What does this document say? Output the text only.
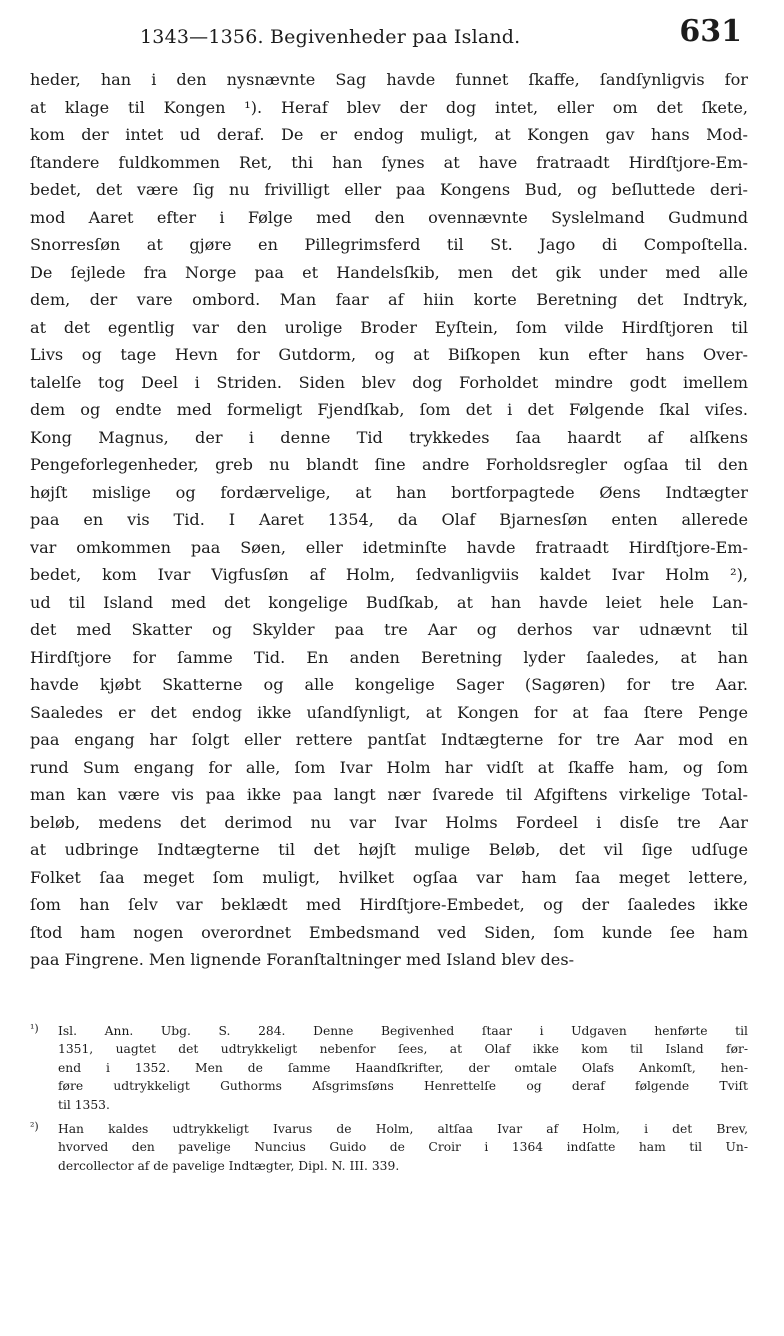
1343—1356. Begivenheder paa Island.	631
heder, han i den nysnævnte Sag havde funnet ſkaffe, ſandſynligvis for
at klage til Kongen ¹). Heraf blev der dog intet, eller om det ſkete,
kom der intet ud deraf. De er endog muligt, at Kongen gav hans Mod-
ſtandere fuldkommen Ret, thi han ſynes at have fratraadt Hirdſtjore-Em-
bedet, det være ſig nu frivilligt eller paa Kongens Bud, og beſluttede deri-
mod Aaret efter i Følge med den ovennævnte Syslelmand Gudmund
Snorresſøn at gjøre en Pillegrimsferd til St. Jago di Compoſtella.
De ſejlede fra Norge paa et Handelsſkib, men det gik under med alle
dem, der vare ombord. Man faar af hiin korte Beretning det Indtryk,
at det egentlig var den urolige Broder Eyſtein, ſom vilde Hirdſtjoren til
Livs og tage Hevn for Gutdorm, og at Biſkopen kun efter hans Over-
talelſe tog Deel i Striden. Siden blev dog Forholdet mindre godt imellem
dem og endte med formeligt Fjendſkab, ſom det i det Følgende ſkal viſes.
Kong Magnus, der i denne Tid trykkedes ſaa haardt af alſkens
Pengeforlegenheder, greb nu blandt ſine andre Forholdsregler ogſaa til den
højſt misligе og fordærvelige, at han bortforpagtede Øens Indtægter
paa en vis Tid. I Aaret 1354, da Olaf Bjarnesſøn enten allerede
var omkommen paa Søen, eller idetminſte havde fratraadt Hirdſtjore-Em-
bedet, kom Ivar Vigfusſøn af Holm, ſedvanligviis kaldet Ivar Holm ²),
ud til Island med det kongelige Budſkab, at han havde leiet hele Lan-
det med Skatter og Skylder paa tre Aar og derhos var udnævnt til
Hirdſtjore for ſamme Tid. En anden Beretning lyder ſaaledes, at han
havde kjøbt Skatterne og alle kongelige Sager (Sagøren) for tre Aar.
Saaledes er det endog ikke uſandſynligt, at Kongen for at faa ſtere Penge
paa engang har ſolgt eller rettere pantſat Indtægterne for tre Aar mod en
rund Sum engang for alle, ſom Ivar Holm har vidſt at ſkaffe ham, og ſom
man kan være vis paa ikke paa langt nær ſvarede til Afgiftens virkelige Total-
beløb, medens det derimod nu var Ivar Holms Fordeel i disſe tre Aar
at udbringe Indtægterne til det højſt mulige Beløb, det vil ſige udſuge
Folket ſaa meget ſom muligt, hvilket ogſaa var ham ſaa meget lettere,
ſom han ſelv var beklædt med Hirdſtjore-Embedet, og der ſaaledes ikke
ſtod ham nogen overordnet Embedsmand ved Siden, ſom kunde ſee ham
paa Fingrene. Men lignende Foranſtaltninger med Island blev des-
¹)	Isl. Ann. Ubg. S. 284. Denne Begivenhed ſtaar i Udgaven henførte til
1351, uagtet det udtrykkeligt nebenfor ſees, at Olaf ikke kom til Island før-
end i 1352. Men de ſamme Haandſkrifter, der omtale Olafs Ankomſt, hen-
føre udtrykkeligt Guthorms Aſsgrimsſøns Henrettelſe og deraf følgende Tviſt
til 1353.
²)	Han kaldes udtrykkeligt Ivarus de Holm, altſaa Ivar af Holm, i det Brev,
hvorved den pavelige Nuncius Guido de Croir i 1364 indſatte ham til Un-
dercollector af de pavelige Indtægter, Dipl. N. III. 339.
